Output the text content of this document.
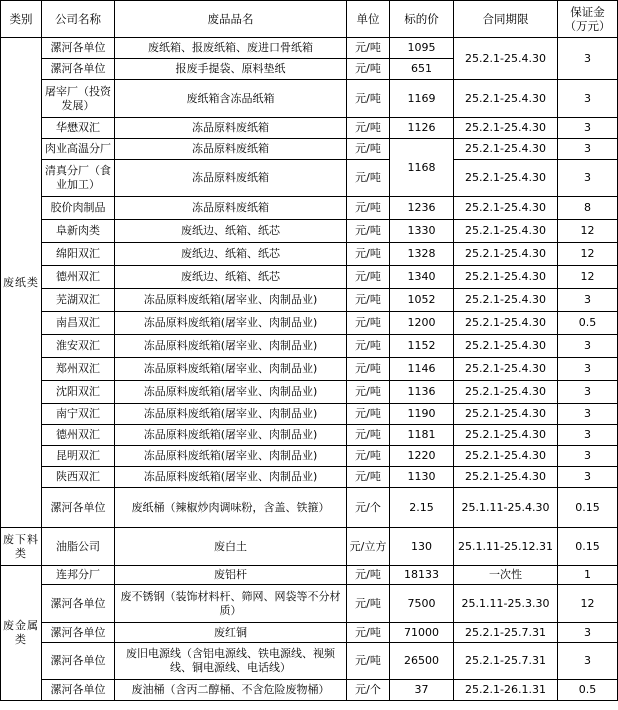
类别	公司名称	废品品名	单位	标的价	合同期限	保证金（万元）
废纸类	漯河各单位	废纸箱、报废纸箱、废进口骨纸箱	元/吨	1095	25.2.1-25.4.30	3
	漯河各单位	报废手提袋、原料垫纸	元/吨	651		
	屠宰厂（投资发展）	废纸箱含冻品纸箱	元/吨	1169	25.2.1-25.4.30	3
	华懋双汇	冻品原料废纸箱	元/吨	1126	25.2.1-25.4.30	3
	肉业高温分厂	冻品原料废纸箱	元/吨	1168	25.2.1-25.4.30	3
	清真分厂（食业加工）	冻品原料废纸箱	元/吨		25.2.1-25.4.30	3
	胶价肉制品	冻品原料废纸箱	元/吨	1236	25.2.1-25.4.30	8
	阜新肉类	废纸边、纸箱、纸芯	元/吨	1330	25.2.1-25.4.30	12
	绵阳双汇	废纸边、纸箱、纸芯	元/吨	1328	25.2.1-25.4.30	12
	德州双汇	废纸边、纸箱、纸芯	元/吨	1340	25.2.1-25.4.30	12
	芜湖双汇	冻品原料废纸箱(屠宰业、肉制品业)	元/吨	1052	25.2.1-25.4.30	3
	南昌双汇	冻品原料废纸箱(屠宰业、肉制品业)	元/吨	1200	25.2.1-25.4.30	0.5
	淮安双汇	冻品原料废纸箱(屠宰业、肉制品业)	元/吨	1152	25.2.1-25.4.30	3
	郑州双汇	冻品原料废纸箱(屠宰业、肉制品业)	元/吨	1146	25.2.1-25.4.30	3
	沈阳双汇	冻品原料废纸箱(屠宰业、肉制品业)	元/吨	1136	25.2.1-25.4.30	3
	南宁双汇	冻品原料废纸箱(屠宰业、肉制品业)	元/吨	1190	25.2.1-25.4.30	3
	德州双汇	冻品原料废纸箱(屠宰业、肉制品业)	元/吨	1181	25.2.1-25.4.30	3
	昆明双汇	冻品原料废纸箱(屠宰业、肉制品业)	元/吨	1220	25.2.1-25.4.30	3
	陕西双汇	冻品原料废纸箱(屠宰业、肉制品业)	元/吨	1130	25.2.1-25.4.30	3
	漯河各单位	废纸桶（辣椒炒肉调味粉，含盖、铁箍）	元/个	2.15	25.1.11-25.4.30	0.15
废下料类	油脂公司	废白土	元/立方	130	25.1.11-25.12.31	0.15
废金属类	连邦分厂	废铝杆	元/吨	18133	一次性	1
	漯河各单位	废不锈钢（装饰材料杆、筛网、网袋等不分材质）	元/吨	7500	25.1.11-25.3.30	12
	漯河各单位	废红铜	元/吨	71000	25.2.1-25.7.31	3
	漯河各单位	废旧电源线（含铝电源线、铁电源线、视频线、铜电源线、电话线）	元/吨	26500	25.2.1-25.7.31	3
	漯河各单位	废油桶（含丙二醇桶、不含危险废物桶）	元/个	37	25.2.1-26.1.31	0.5
